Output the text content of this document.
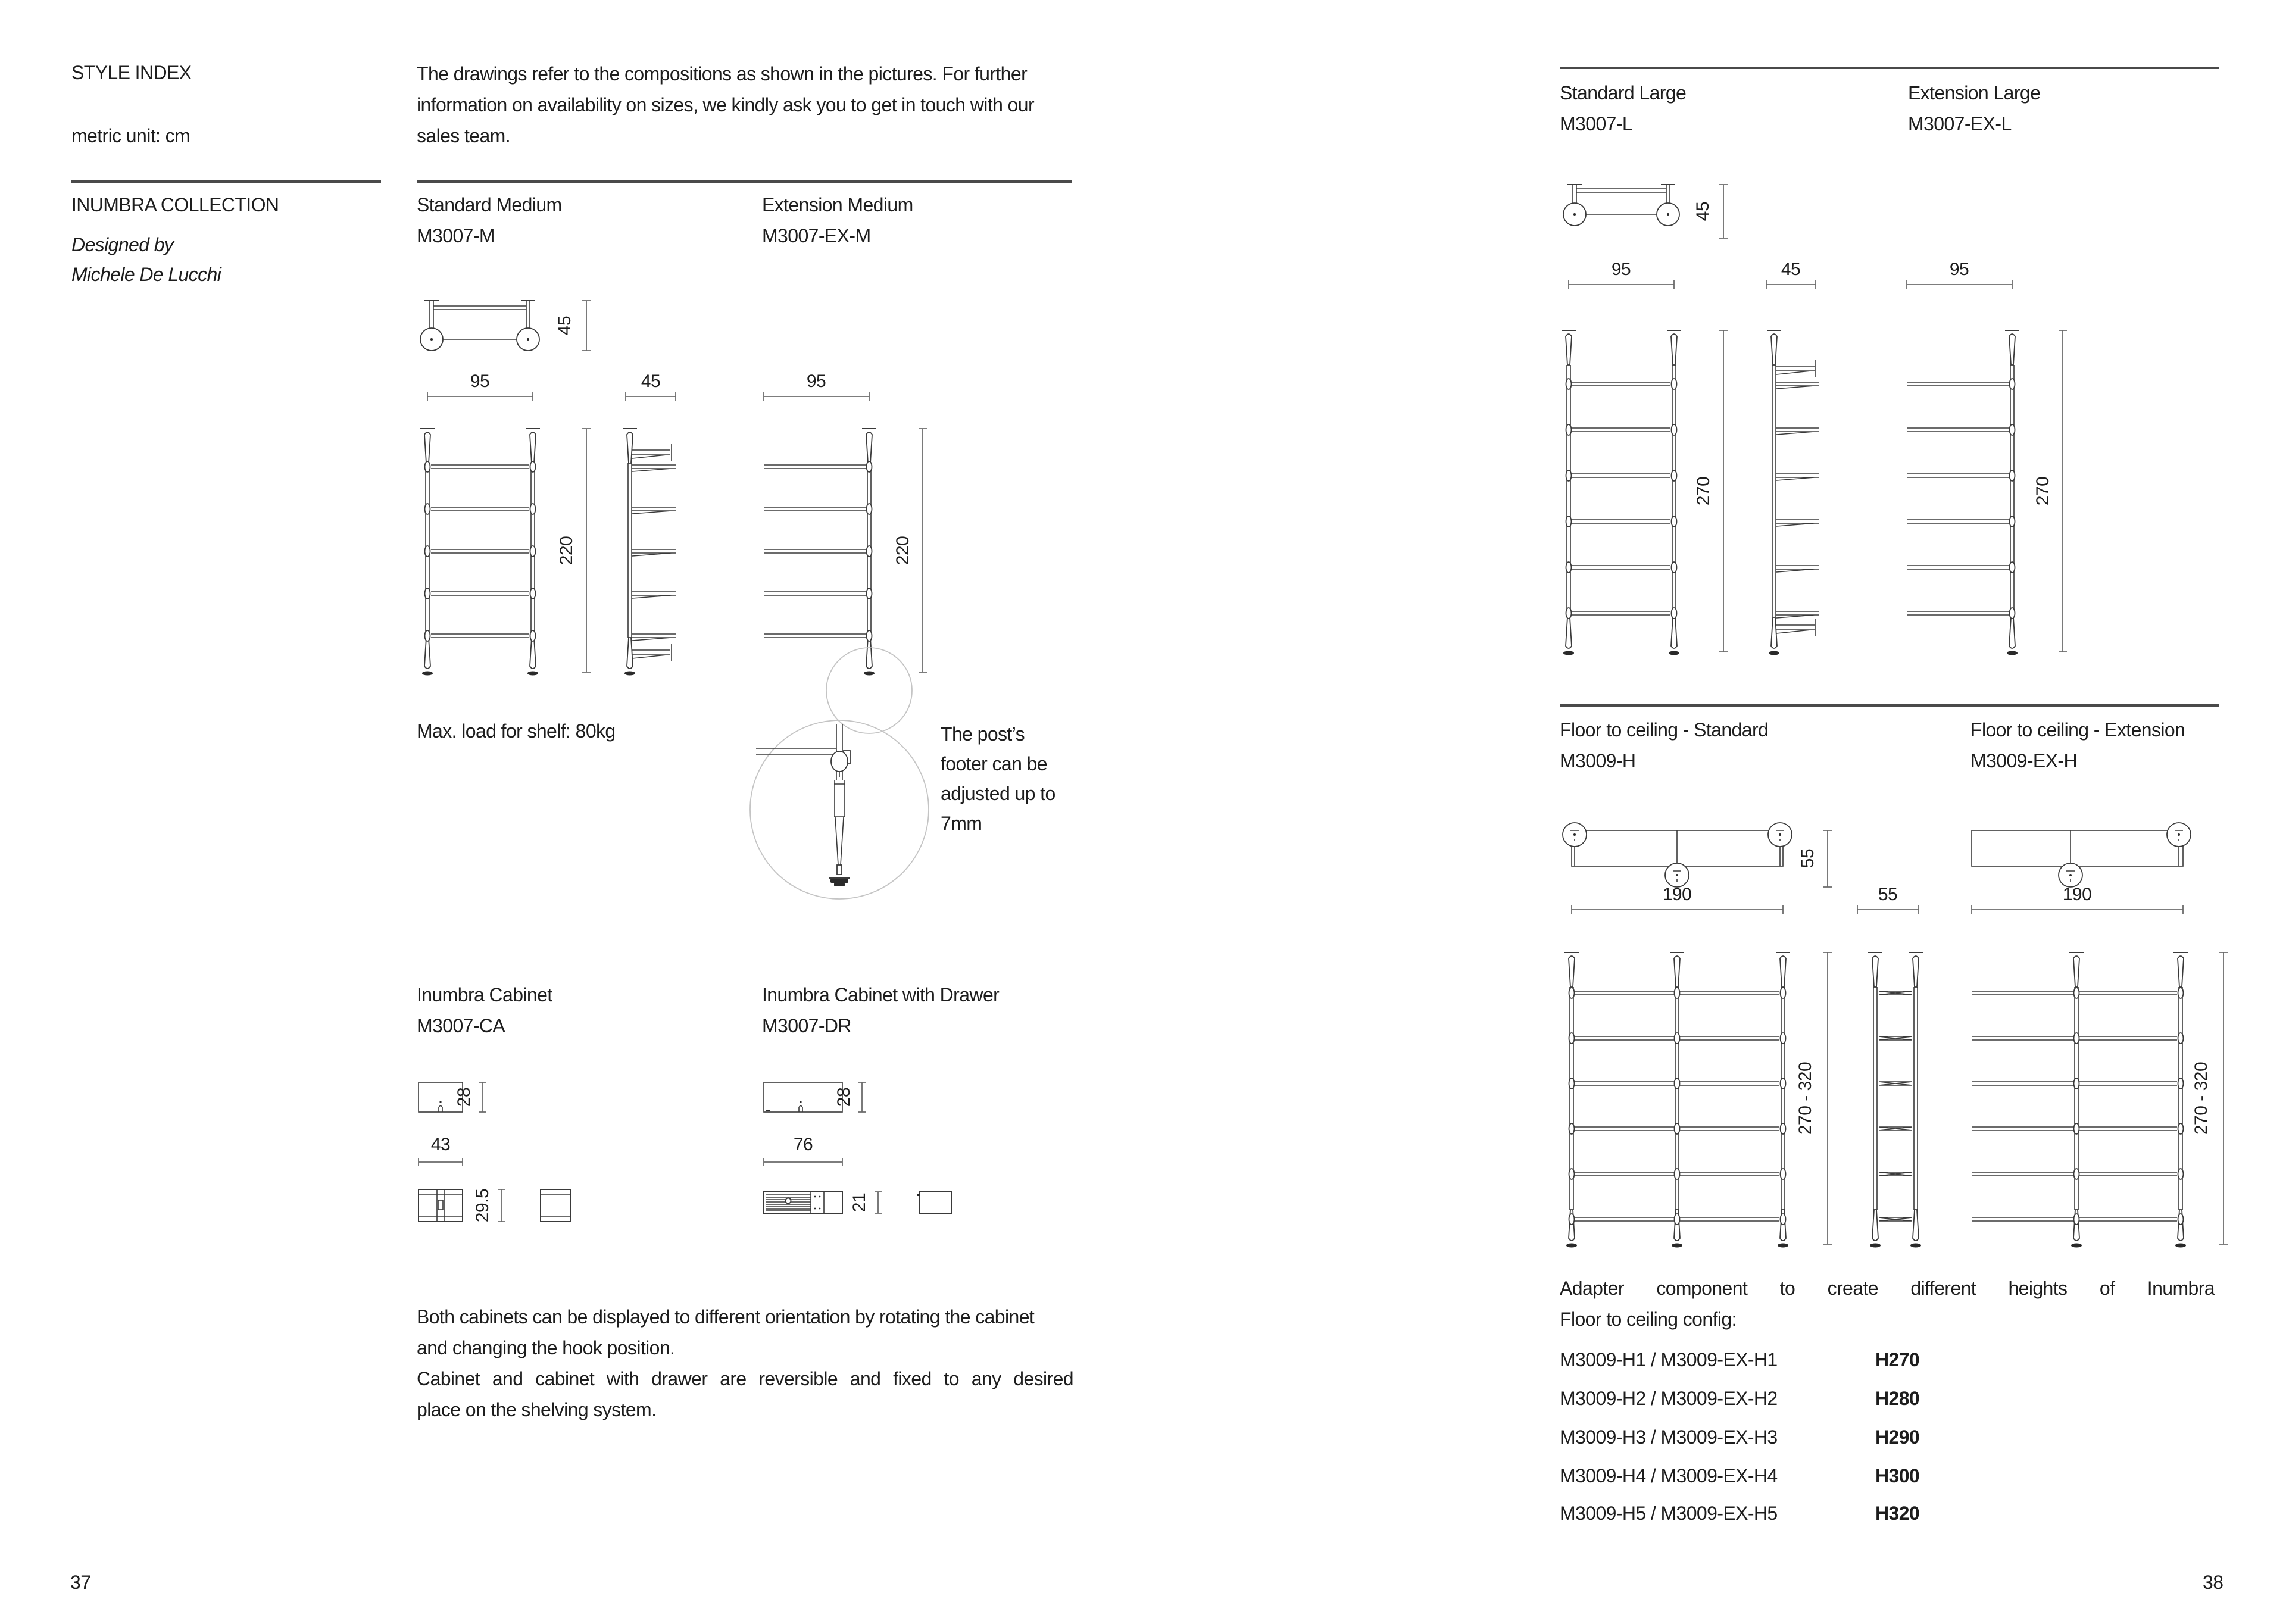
STYLE INDEX
metric unit: cm
INUMBRA COLLECTION
Designed by
Michele De Lucchi
The drawings refer to the compositions as shown in the pictures. For further
information on availability on sizes, we kindly ask you to get in touch with our
sales team.
Standard Medium
M3007-M
Extension Medium
M3007-EX-M
45
95	45	95
220	220
Max. load for shelf: 80kg	The post’s
footer can be
adjusted up to
7mm
Inumbra Cabinet
M3007-CA
Inumbra Cabinet with Drawer
M3007-DR
28
43
29.5
28
76
21
Both cabinets can be displayed to different orientation by rotating the cabinet
and changing the hook position.
Cabinet and cabinet with drawer are reversible and fixed to any desired
place on the shelving system.
37
Standard Large
M3007-L
Extension Large
M3007-EX-L
45
95	45	95
270	270
Floor to ceiling - Standard
M3009-H
Floor to ceiling - Extension
M3009-EX-H
55
190	55	190
270 - 320	270 - 320
Adapter component to create different heights of Inumbra
Floor to ceiling config:
M3009-H1 / M3009-EX-H1	H270
M3009-H2 / M3009-EX-H2	H280
M3009-H3 / M3009-EX-H3	H290
M3009-H4 / M3009-EX-H4	H300
M3009-H5 / M3009-EX-H5	H320
38
